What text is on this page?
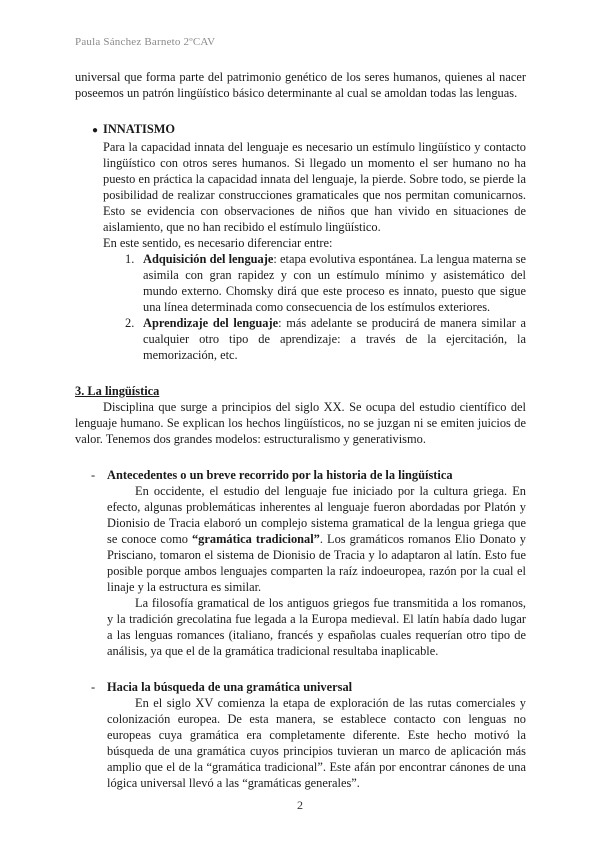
Paula Sánchez Barneto 2ºCAV

universal que forma parte del patrimonio genético de los seres humanos, quienes al nacer poseemos un patrón lingüístico básico determinante al cual se amoldan todas las lenguas.

● INNATISMO

Para la capacidad innata del lenguaje es necesario un estímulo lingüístico y contacto lingüístico con otros seres humanos. Si llegado un momento el ser humano no ha puesto en práctica la capacidad innata del lenguaje, la pierde. Sobre todo, se pierde la posibilidad de realizar construcciones gramaticales que nos permitan comunicarnos. Esto se evidencia con observaciones de niños que han vivido en situaciones de aislamiento, que no han recibido el estímulo lingüístico.

En este sentido, es necesario diferenciar entre:

1. Adquisición del lenguaje: etapa evolutiva espontánea. La lengua materna se asimila con gran rapidez y con un estímulo mínimo y asistemático del mundo externo. Chomsky dirá que este proceso es innato, puesto que sigue una línea determinada como consecuencia de los estímulos exteriores.

2. Aprendizaje del lenguaje: más adelante se producirá de manera similar a cualquier otro tipo de aprendizaje: a través de la ejercitación, la memorización, etc.

3. La lingüística

Disciplina que surge a principios del siglo XX. Se ocupa del estudio científico del lenguaje humano. Se explican los hechos lingüísticos, no se juzgan ni se emiten juicios de valor. Tenemos dos grandes modelos: estructuralismo y generativismo.

- Antecedentes o un breve recorrido por la historia de la lingüística

En occidente, el estudio del lenguaje fue iniciado por la cultura griega. En efecto, algunas problemáticas inherentes al lenguaje fueron abordadas por Platón y Dionisio de Tracia elaboró un complejo sistema gramatical de la lengua griega que se conoce como “gramática tradicional”. Los gramáticos romanos Elio Donato y Prisciano, tomaron el sistema de Dionisio de Tracia y lo adaptaron al latín. Esto fue posible porque ambos lenguajes comparten la raíz indoeuropea, razón por la cual el linaje y la estructura es similar.

La filosofía gramatical de los antiguos griegos fue transmitida a los romanos, y la tradición grecolatina fue legada a la Europa medieval. El latín había dado lugar a las lenguas romances (italiano, francés y españolas cuales requerían otro tipo de análisis, ya que el de la gramática tradicional resultaba inaplicable.

- Hacia la búsqueda de una gramática universal

En el siglo XV comienza la etapa de exploración de las rutas comerciales y colonización europea. De esta manera, se establece contacto con lenguas no europeas cuya gramática era completamente diferente. Este hecho motivó la búsqueda de una gramática cuyos principios tuvieran un marco de aplicación más amplio que el de la “gramática tradicional”. Este afán por encontrar cánones de una lógica universal llevó a las “gramáticas generales”.

2
